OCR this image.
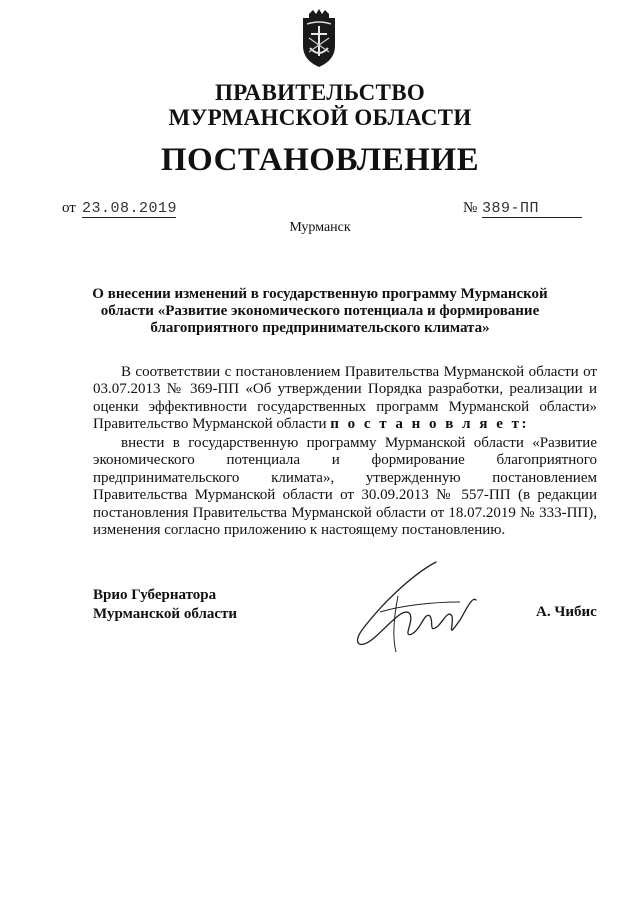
ПРАВИТЕЛЬСТВО
МУРМАНСКОЙ ОБЛАСТИ
ПОСТАНОВЛЕНИЕ
от 23.08.2019	№ 389-ПП
Мурманск
О внесении изменений в государственную программу Мурманской
области «Развитие экономического потенциала и формирование
благоприятного предпринимательского климата»
В соответствии с постановлением Правительства Мурманской области от 03.07.2013 № 369-ПП «Об утверждении Порядка разработки, реализации и оценки эффективности государственных программ Мурманской области» Правительство Мурманской области п о с т а н о в л я е т:
внести в государственную программу Мурманской области «Развитие экономического потенциала и формирование благоприятного предпринимательского климата», утвержденную постановлением Правительства Мурманской области от 30.09.2013 № 557-ПП (в редакции постановления Правительства Мурманской области от 18.07.2019 № 333-ПП), изменения согласно приложению к настоящему постановлению.
Врио Губернатора
Мурманской области	А. Чибис
